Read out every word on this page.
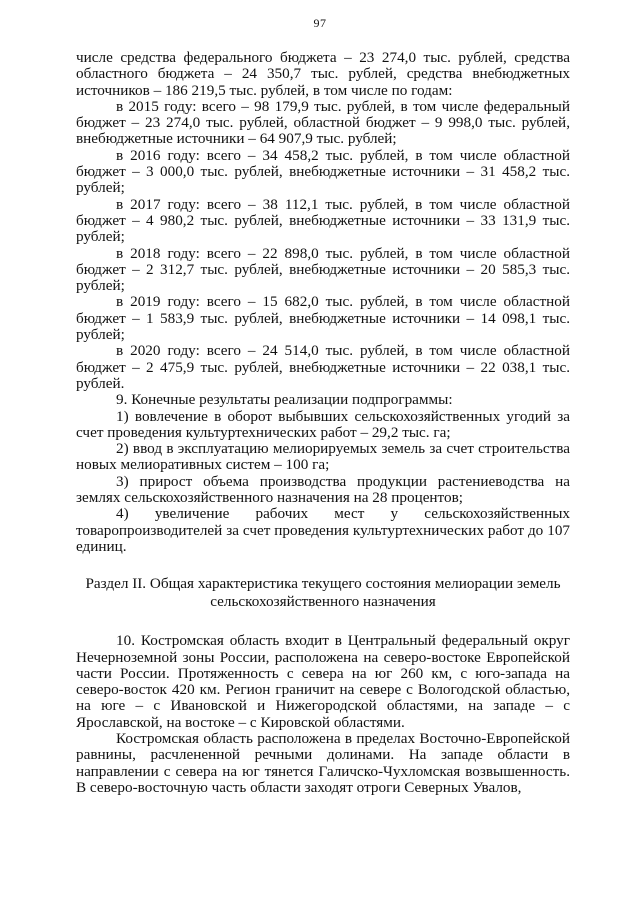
97

числе средства федерального бюджета – 23 274,0 тыс. рублей, средства областного бюджета – 24 350,7 тыс. рублей, средства внебюджетных источников – 186 219,5 тыс. рублей, в том числе по годам:

в 2015 году: всего – 98 179,9 тыс. рублей, в том числе федеральный бюджет – 23 274,0 тыс. рублей, областной бюджет – 9 998,0 тыс. рублей, внебюджетные источники – 64 907,9 тыс. рублей;

в 2016 году: всего – 34 458,2 тыс. рублей, в том числе областной бюджет – 3 000,0 тыс. рублей, внебюджетные источники – 31 458,2 тыс. рублей;

в 2017 году: всего – 38 112,1 тыс. рублей, в том числе областной бюджет – 4 980,2 тыс. рублей, внебюджетные источники – 33 131,9 тыс. рублей;

в 2018 году: всего – 22 898,0 тыс. рублей, в том числе областной бюджет – 2 312,7 тыс. рублей, внебюджетные источники – 20 585,3 тыс. рублей;

в 2019 году: всего – 15 682,0 тыс. рублей, в том числе областной бюджет – 1 583,9 тыс. рублей, внебюджетные источники – 14 098,1 тыс. рублей;

в 2020 году: всего – 24 514,0 тыс. рублей, в том числе областной бюджет – 2 475,9 тыс. рублей, внебюджетные источники – 22 038,1 тыс. рублей.

9. Конечные результаты реализации подпрограммы:

1) вовлечение в оборот выбывших сельскохозяйственных угодий за счет проведения культуртехнических работ – 29,2 тыс. га;

2) ввод в эксплуатацию мелиорируемых земель за счет строительства новых мелиоративных систем – 100 га;

3) прирост объема производства продукции растениеводства на землях сельскохозяйственного назначения на 28 процентов;

4) увеличение рабочих мест у сельскохозяйственных товаропроизводителей за счет проведения культуртехнических работ до 107 единиц.

Раздел II. Общая характеристика текущего состояния мелиорации земель сельскохозяйственного назначения

10. Костромская область входит в Центральный федеральный округ Нечерноземной зоны России, расположена на северо-востоке Европейской части России. Протяженность с севера на юг 260 км, с юго-запада на северо-восток 420 км. Регион граничит на севере с Вологодской областью, на юге – с Ивановской и Нижегородской областями, на западе – с Ярославской, на востоке – с Кировской областями.

Костромская область расположена в пределах Восточно-Европейской равнины, расчлененной речными долинами. На западе области в направлении с севера на юг тянется Галичско-Чухломская возвышенность. В северо-восточную часть области заходят отроги Северных Увалов,
